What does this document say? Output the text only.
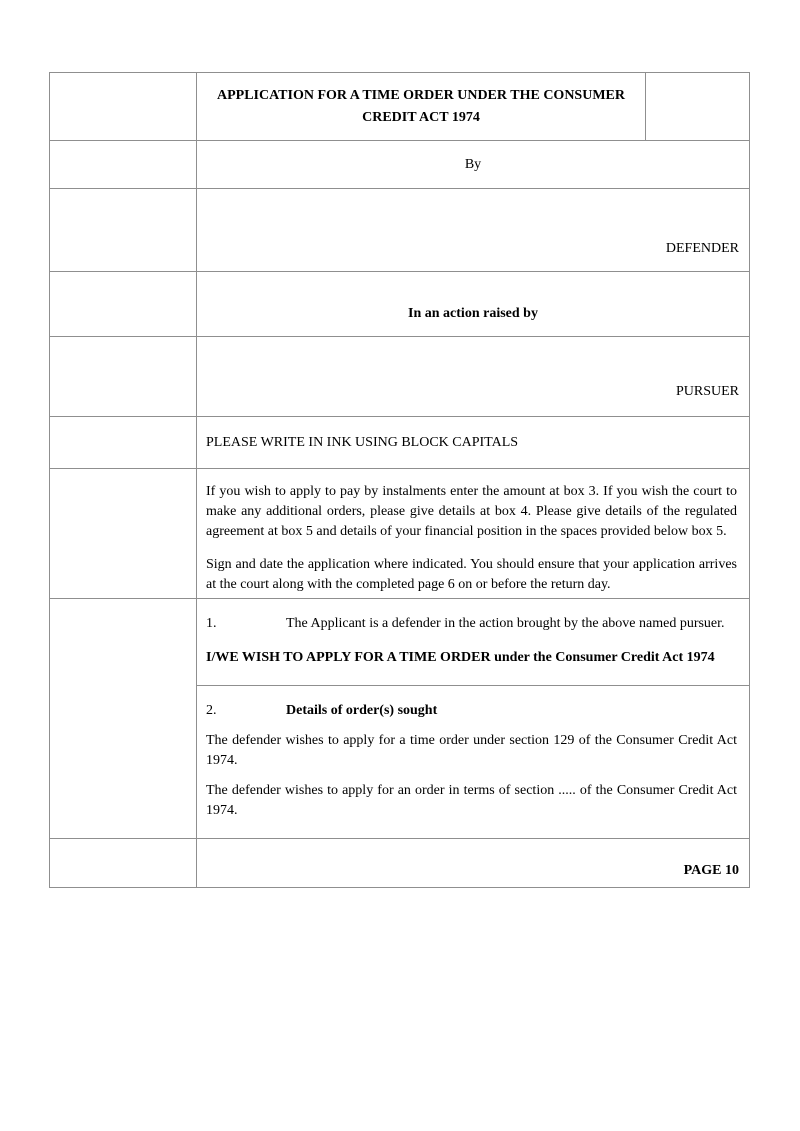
APPLICATION FOR A TIME ORDER UNDER THE CONSUMER CREDIT ACT 1974
By
DEFENDER
In an action raised by
PURSUER
PLEASE WRITE IN INK USING BLOCK CAPITALS

If you wish to apply to pay by instalments enter the amount at box 3. If you wish the court to make any additional orders, please give details at box 4. Please give details of the regulated agreement at box 5 and details of your financial position in the spaces provided below box 5.

Sign and date the application where indicated. You should ensure that your application arrives at the court along with the completed page 6 on or before the return day.

1.	The Applicant is a defender in the action brought by the above named pursuer.

I/WE WISH TO APPLY FOR A TIME ORDER under the Consumer Credit Act 1974

2.	Details of order(s) sought

The defender wishes to apply for a time order under section 129 of the Consumer Credit Act 1974.

The defender wishes to apply for an order in terms of section ..... of the Consumer Credit Act 1974.

PAGE 10
